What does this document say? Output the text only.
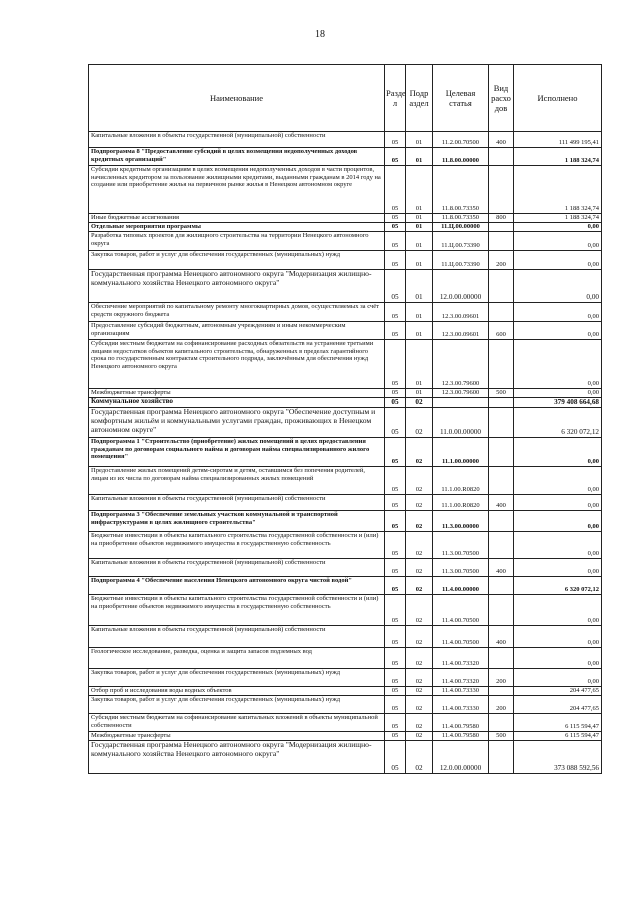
18
Наименование	Разде л	Подр аздел	Целевая статья	Вид расхо дов	Исполнено
Капитальные вложения в объекты государственной (муниципальной) собственности	05	01	11.2.00.70500	400	111 499 195,41
Подпрограмма 8 "Предоставление субсидий в целях возмещения недополученных доходов кредитных организаций"	05	01	11.8.00.00000		1 188 324,74
Субсидии кредитным организациям в целях возмещения недополученных доходов в части процентов, начисленных кредитором за пользование жилищными кредитами, выданными гражданам в 2014 году на создание или приобретение жилья на первичном рынке жилья в Ненецком автономном округе	05	01	11.8.00.73350		1 188 324,74
Иные бюджетные ассигнования	05	01	11.8.00.73350	800	1 188 324,74
Отдельные мероприятия программы	05	01	11.Ц.00.00000		0,00
Разработка типовых проектов для жилищного строительства на территории Ненецкого автономного округа	05	01	11.Ц.00.73390		0,00
Закупка товаров, работ и услуг для обеспечения государственных (муниципальных) нужд	05	01	11.Ц.00.73390	200	0,00
Государственная программа Ненецкого автономного округа "Модернизация жилищно-коммунального хозяйства Ненецкого автономного округа"	05	01	12.0.00.00000		0,00
Обеспечение мероприятий по капитальному ремонту многоквартирных домов, осуществляемых за счёт средств окружного бюджета	05	01	12.3.00.09601		0,00
Предоставление субсидий бюджетным, автономным учреждениям и иным некоммерческим организациям	05	01	12.3.00.09601	600	0,00
Субсидии местным бюджетам на софинансирование расходных обязательств на устранение третьими лицами недостатков объектов капитального строительства, обнаруженных в пределах гарантийного срока по государственным контрактам строительного подряда, заключённым для обеспечения нужд Ненецкого автономного округа	05	01	12.3.00.79600		0,00
Межбюджетные трансферты	05	01	12.3.00.79600	500	0,00
Коммунальное хозяйство	05	02			379 408 664,68
Государственная программа Ненецкого автономного округа "Обеспечение доступным и комфортным жильём и коммунальными услугами граждан, проживающих в Ненецком автономном округе"	05	02	11.0.00.00000		6 320 072,12
Подпрограмма 1 "Строительство (приобретение) жилых помещений в целях предоставления гражданам по договорам социального найма и договорам найма специализированного жилого помещения"	05	02	11.1.00.00000		0,00
Предоставление жилых помещений детям-сиротам и детям, оставшимся без попечения родителей, лицам из их числа по договорам найма специализированных жилых помещений	05	02	11.1.00.R0820		0,00
Капитальные вложения в объекты государственной (муниципальной) собственности	05	02	11.1.00.R0820	400	0,00
Подпрограмма 3 "Обеспечение земельных участков коммунальной и транспортной инфраструктурами в целях жилищного строительства"	05	02	11.3.00.00000		0,00
Бюджетные инвестиции в объекты капитального строительства государственной собственности и (или) на приобретение объектов недвижимого имущества в государственную собственность	05	02	11.3.00.70500		0,00
Капитальные вложения в объекты государственной (муниципальной) собственности	05	02	11.3.00.70500	400	0,00
Подпрограмма 4 "Обеспечение населения Ненецкого автономного округа чистой водой"	05	02	11.4.00.00000		6 320 072,12
Бюджетные инвестиции в объекты капитального строительства государственной собственности и (или) на приобретение объектов недвижимого имущества в государственную собственность	05	02	11.4.00.70500		0,00
Капитальные вложения в объекты государственной (муниципальной) собственности	05	02	11.4.00.70500	400	0,00
Геологическое исследование, разведка, оценка и защита запасов подземных вод	05	02	11.4.00.73320		0,00
Закупка товаров, работ и услуг для обеспечения государственных (муниципальных) нужд	05	02	11.4.00.73320	200	0,00
Отбор проб и исследования воды водных объектов	05	02	11.4.00.73330		204 477,65
Закупка товаров, работ и услуг для обеспечения государственных (муниципальных) нужд	05	02	11.4.00.73330	200	204 477,65
Субсидии местным бюджетам на софинансирование капитальных вложений в объекты муниципальной собственности	05	02	11.4.00.79580		6 115 594,47
Межбюджетные трансферты	05	02	11.4.00.79580	500	6 115 594,47
Государственная программа Ненецкого автономного округа "Модернизация жилищно-коммунального хозяйства Ненецкого автономного округа"	05	02	12.0.00.00000		373 088 592,56
